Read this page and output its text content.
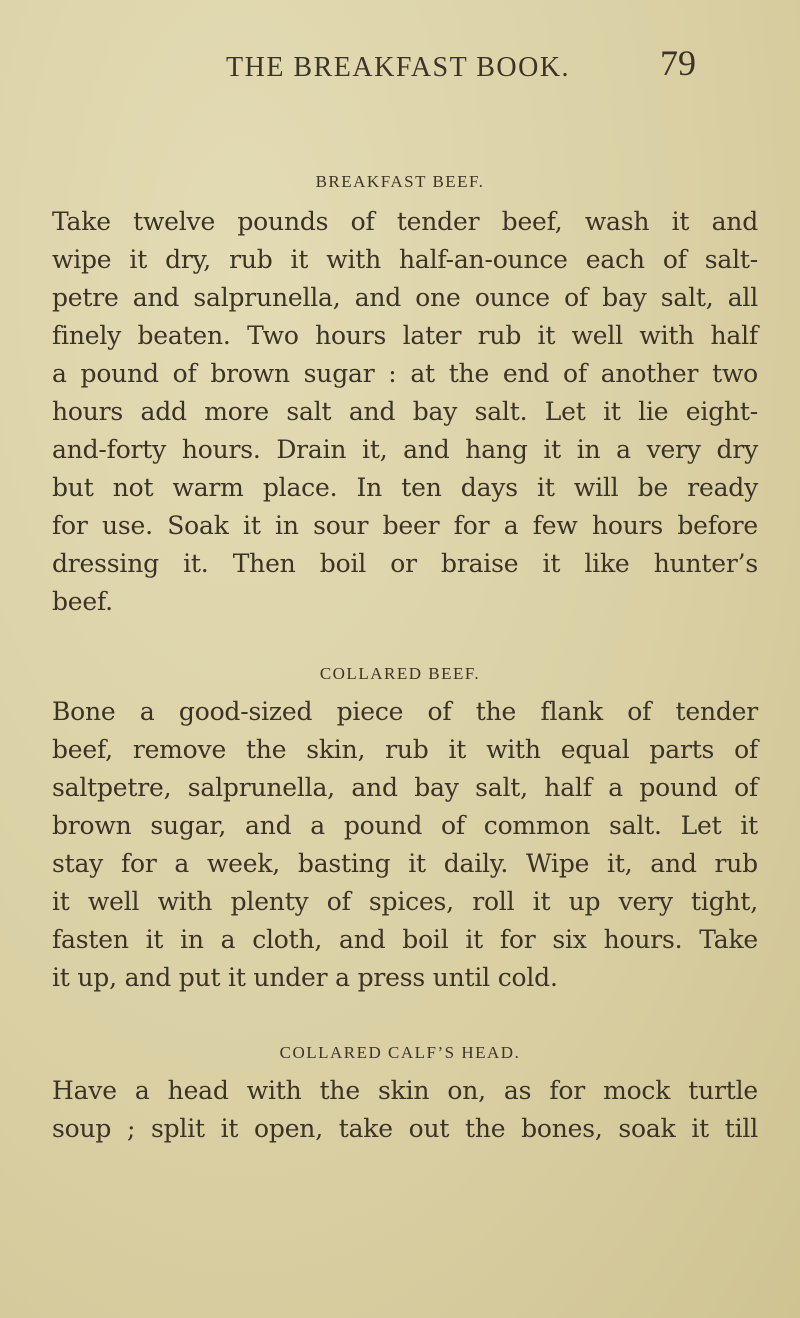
THE BREAKFAST BOOK. 79
BREAKFAST BEEF.
Take twelve pounds of tender beef, wash it and
wipe it dry, rub it with half-an-ounce each of salt-
petre and salprunella, and one ounce of bay salt, all
finely beaten. Two hours later rub it well with half
a pound of brown sugar : at the end of another two
hours add more salt and bay salt. Let it lie eight-
and-forty hours. Drain it, and hang it in a very dry
but not warm place. In ten days it will be ready
for use. Soak it in sour beer for a few hours before
dressing it. Then boil or braise it like hunter’s
beef.
COLLARED BEEF.
Bone a good-sized piece of the flank of tender
beef, remove the skin, rub it with equal parts of
saltpetre, salprunella, and bay salt, half a pound of
brown sugar, and a pound of common salt. Let it
stay for a week, basting it daily. Wipe it, and rub
it well with plenty of spices, roll it up very tight,
fasten it in a cloth, and boil it for six hours. Take
it up, and put it under a press until cold.
COLLARED CALF’S HEAD.
Have a head with the skin on, as for mock turtle
soup ; split it open, take out the bones, soak it till
